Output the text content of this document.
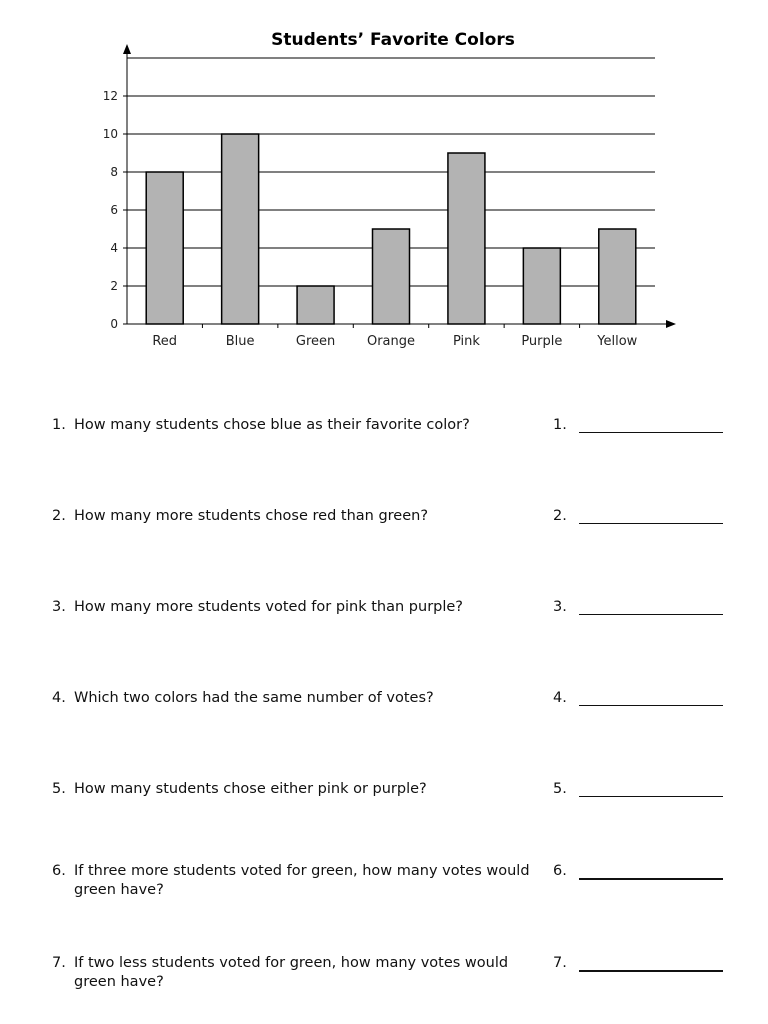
Students’ Favorite Colors
0
2
4
6
8
10
12
Red	Blue	Green Orange	Pink	Purple	Yellow
1. How many students chose blue as their favorite color?	1.
2. How many more students chose red than green?	2.
3. How many more students voted for pink than purple?	3.
4. Which two colors had the same number of votes?	4.
5. How many students chose either pink or purple?	5.
6. If three more students voted for green, how many votes would green have?
6.
7. If two less students voted for green, how many votes would green have?
7.
